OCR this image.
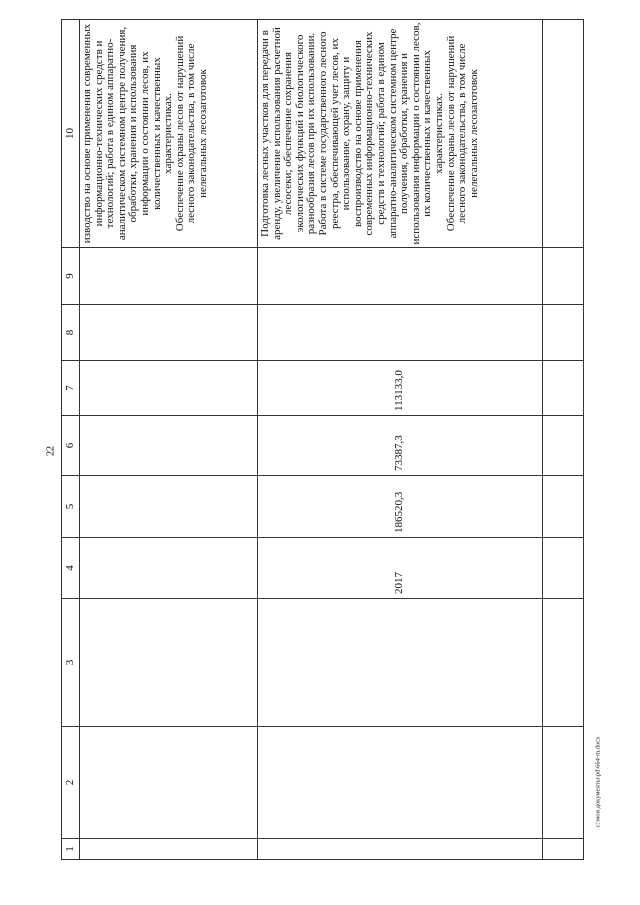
22
c:\мои документы\pd\664-m.docx
1	2	3	4	5	6	7	8	9	10

									изводство на основе применения современных информационно-технических средств и технологий; работа в едином аппаратно-аналитическом системном центре получения, обработки, хранения и использования информации о состоянии лесов, их количественных и качественных характеристиках. Обеспечение охраны лесов от нарушений лесного законодательства, в том числе нелегальных лесозаготовок

			2017	186520,3	73387,3	113133,0			Подготовка лесных участков для передачи в аренду, увеличение использования расчетной лесосеки; обеспечение сохранения экологических функций и биологического разнообразия лесов при их использовании. Работа в системе государственного лесного реестра, обеспечивающей учет лесов, их использование, охрану, защиту и воспроизводство на основе применения современных информационно-технических средств и технологий; работа в едином аппаратно-аналитическом системном центре получения, обработки, хранения и использования информации о состоянии лесов, их количественных и качественных характеристиках. Обеспечение охраны лесов от нарушений лесного законодательства, в том числе нелегальных лесозаготовок
